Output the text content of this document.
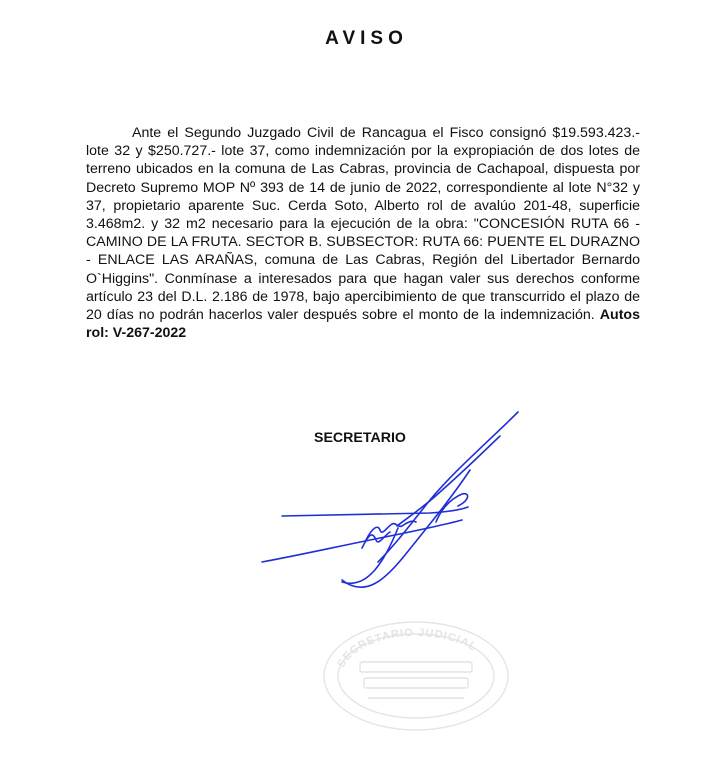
AVISO

Ante el Segundo Juzgado Civil de Rancagua el Fisco consignó $19.593.423.- lote 32 y $250.727.- lote 37, como indemnización por la expropiación de dos lotes de terreno ubicados en la comuna de Las Cabras, provincia de Cachapoal, dispuesta por Decreto Supremo MOP Nº 393 de 14 de junio de 2022, correspondiente al lote N°32 y 37, propietario aparente Suc. Cerda Soto, Alberto rol de avalúo 201-48, superficie 3.468m2. y 32 m2 necesario para la ejecución de la obra: "CONCESIÓN RUTA 66 - CAMINO DE LA FRUTA. SECTOR B. SUBSECTOR: RUTA 66: PUENTE EL DURAZNO - ENLACE LAS ARAÑAS, comuna de Las Cabras, Región del Libertador Bernardo O`Higgins". Conmínase a interesados para que hagan valer sus derechos conforme artículo 23 del D.L. 2.186 de 1978, bajo apercibimiento de que transcurrido el plazo de 20 días no podrán hacerlos valer después sobre el monto de la indemnización. Autos rol: V-267-2022

SECRETARIO
SECRETARIO JUDICIAL
